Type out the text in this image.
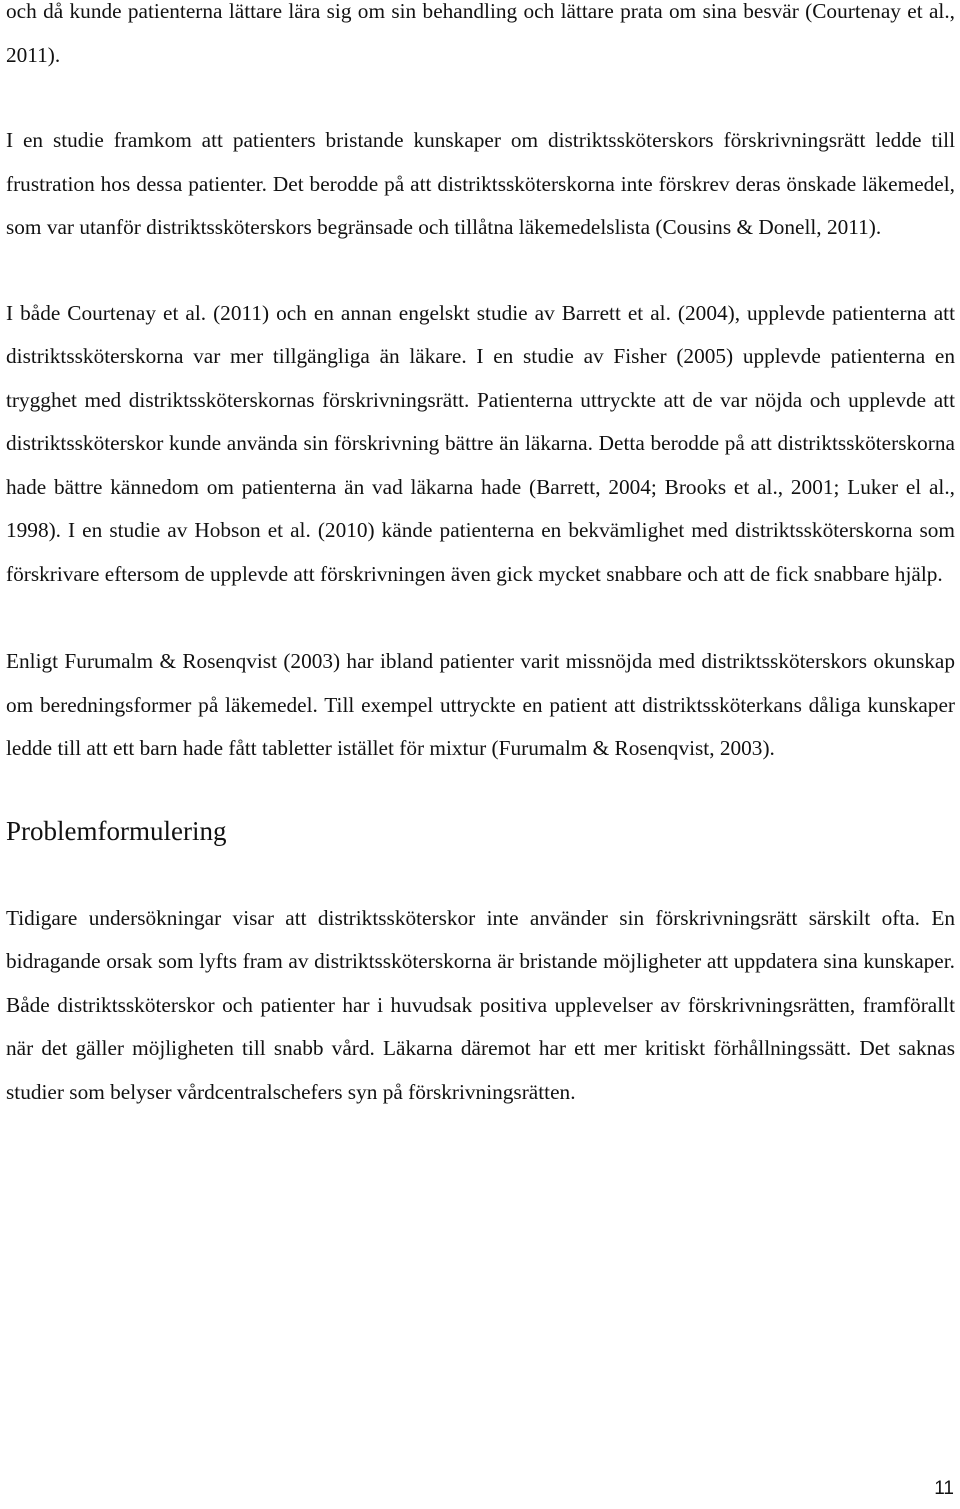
och då kunde patienterna lättare lära sig om sin behandling och lättare prata om sina besvär (Courtenay et al., 2011).

I en studie framkom att patienters bristande kunskaper om distriktssköterskors förskrivningsrätt ledde till frustration hos dessa patienter. Det berodde på att distriktssköterskorna inte förskrev deras önskade läkemedel, som var utanför distriktssköterskors begränsade och tillåtna läkemedelslista (Cousins & Donell, 2011).

I både Courtenay et al. (2011) och en annan engelskt studie av Barrett et al. (2004), upplevde patienterna att distriktssköterskorna var mer tillgängliga än läkare. I en studie av Fisher (2005) upplevde patienterna en trygghet med distriktssköterskornas förskrivningsrätt. Patienterna uttryckte att de var nöjda och upplevde att distriktssköterskor kunde använda sin förskrivning bättre än läkarna. Detta berodde på att distriktssköterskorna hade bättre kännedom om patienterna än vad läkarna hade (Barrett, 2004; Brooks et al., 2001; Luker el al., 1998). I en studie av Hobson et al. (2010) kände patienterna en bekvämlighet med distriktssköterskorna som förskrivare eftersom de upplevde att förskrivningen även gick mycket snabbare och att de fick snabbare hjälp.

Enligt Furumalm & Rosenqvist (2003) har ibland patienter varit missnöjda med distriktssköterskors okunskap om beredningsformer på läkemedel. Till exempel uttryckte en patient att distriktssköterkans dåliga kunskaper ledde till att ett barn hade fått tabletter istället för mixtur (Furumalm & Rosenqvist, 2003).

Problemformulering

Tidigare undersökningar visar att distriktssköterskor inte använder sin förskrivningsrätt särskilt ofta. En bidragande orsak som lyfts fram av distriktssköterskorna är bristande möjligheter att uppdatera sina kunskaper. Både distriktssköterskor och patienter har i huvudsak positiva upplevelser av förskrivningsrätten, framförallt när det gäller möjligheten till snabb vård. Läkarna däremot har ett mer kritiskt förhållningssätt. Det saknas studier som belyser vårdcentralschefers syn på förskrivningsrätten.

11
